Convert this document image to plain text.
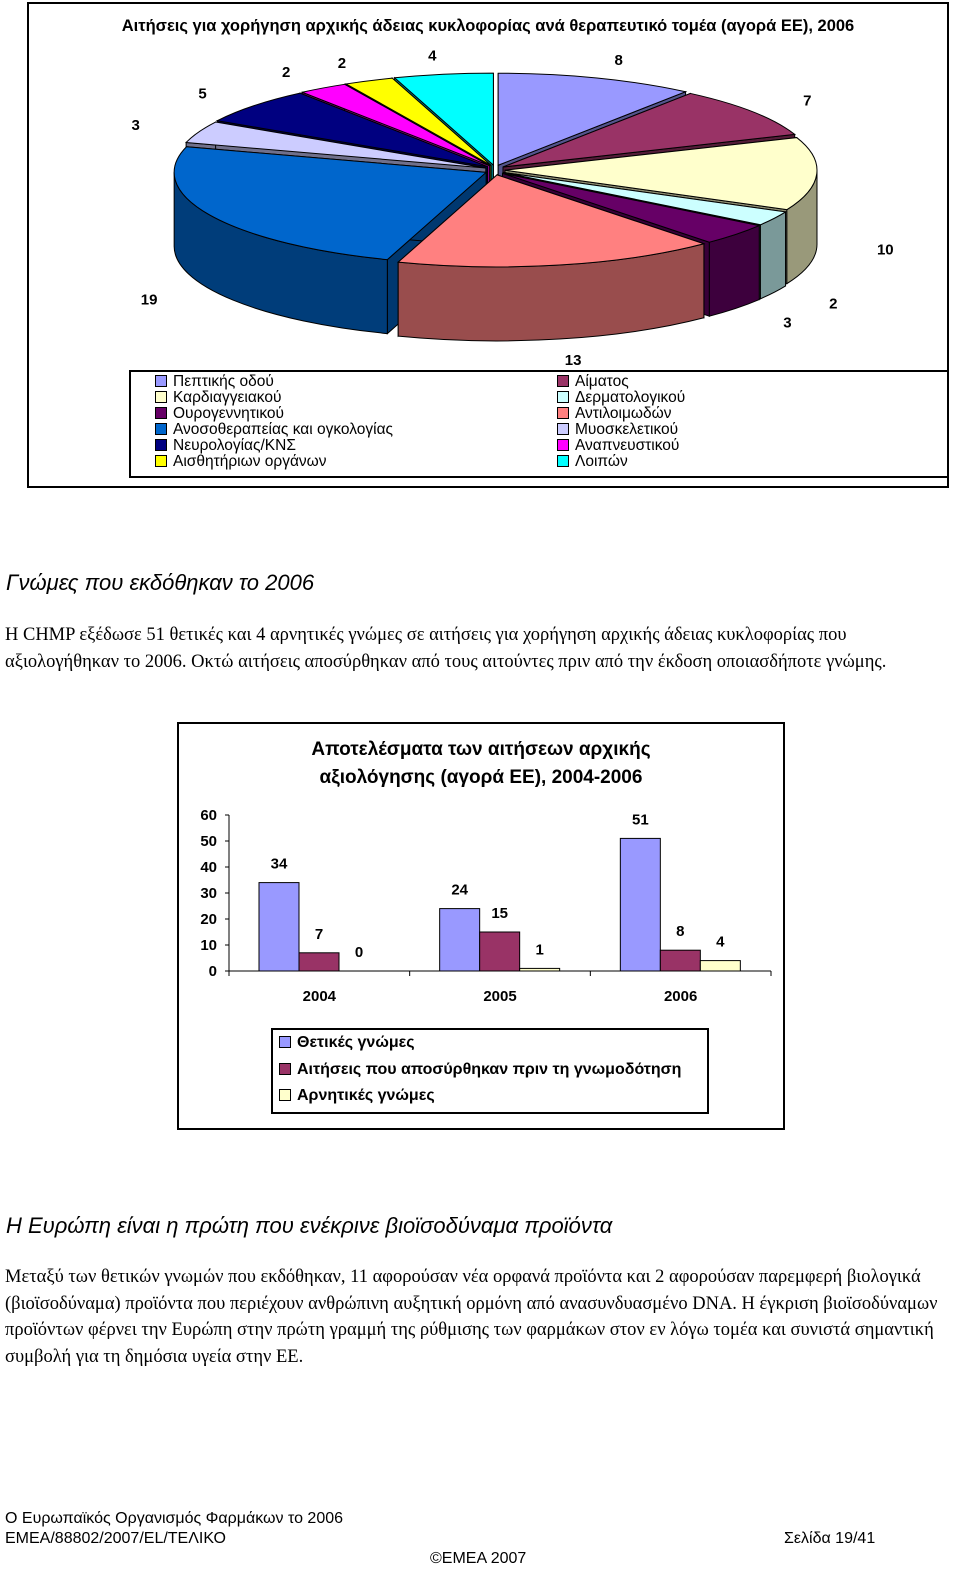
Αιτήσεις για χορήγηση αρχικής άδειας κυκλοφορίας ανά θεραπευτικό τομέα (αγορά ΕΕ), 2006
8
7
10
2
3
13
19
3
5
2
2	4
Πεπτικής οδού
Καρδιαγγειακού
Ουρογεννητικού
Ανοσοθεραπείας και ογκολογίας
Νευρολογίας/ΚΝΣ
Αισθητήριων οργάνων
Αίματος
Δερματολογικού
Αντιλοιμωδών
Μυοσκελετικού
Αναπνευστικού
Λοιπών
Γνώμες που εκδόθηκαν το 2006
Η CHMP εξέδωσε 51 θετικές και 4 αρνητικές γνώμες σε αιτήσεις για χορήγηση αρχικής άδειας κυκλοφορίας που αξιολογήθηκαν το 2006. Οκτώ αιτήσεις αποσύρθηκαν από τους αιτούντες πριν από την έκδοση οποιασδήποτε γνώμης.
Αποτελέσματα των αιτήσεων αρχικής
αξιολόγησης (αγορά ΕΕ), 2004-2006
0
10
20
30
40
50
60
34
7
0
2004
24
15
1
2005
51
8
4
2006
Θετικές γνώμες
Αιτήσεις που αποσύρθηκαν πριν τη γνωμοδότηση
Αρνητικές γνώμες
Η Ευρώπη είναι η πρώτη που ενέκρινε βιοϊσοδύναμα προϊόντα
Μεταξύ των θετικών γνωμών που εκδόθηκαν, 11 αφορούσαν νέα ορφανά προϊόντα και 2 αφορούσαν παρεμφερή βιολογικά (βιοϊσοδύναμα) προϊόντα που περιέχουν ανθρώπινη αυξητική ορμόνη από ανασυνδυασμένο DNA. Η έγκριση βιοϊσοδύναμων προϊόντων φέρνει την Ευρώπη στην πρώτη γραμμή της ρύθμισης των φαρμάκων στον εν λόγω τομέα και συνιστά σημαντική συμβολή για τη δημόσια υγεία στην ΕΕ.
Ο Ευρωπαϊκός Οργανισμός Φαρμάκων το 2006
EMEA/88802/2007/EL/ΤΕΛΙΚΟ	Σελίδα 19/41
©EMEA 2007
